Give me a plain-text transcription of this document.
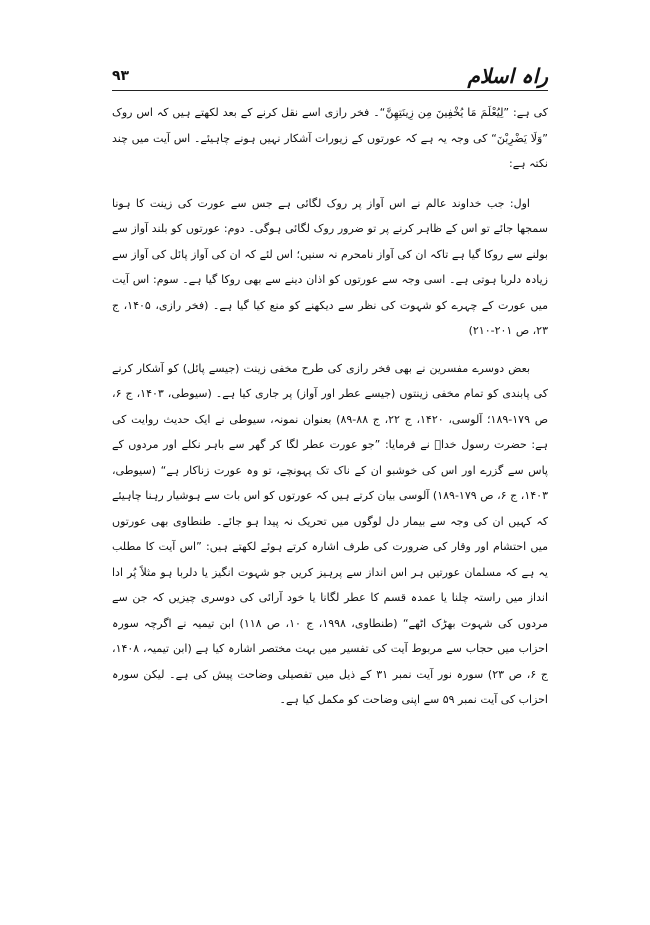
راہ اسلام
۹۳

کی ہے: ”لِيُعْلَمَ مَا يُخْفِينَ مِن زِينَتِهِنَّ“۔ فخر رازی اسے نقل کرنے کے بعد لکھتے ہیں کہ اس روک ”وَلَا يَضْرِبْنَ“ کی وجہ یہ ہے کہ عورتوں کے زیورات آشکار نہیں ہونے چاہیئے۔ اس آیت میں چند نکتہ ہے:

اول: جب خداوند عالم نے اس آواز پر روک لگائی ہے جس سے عورت کی زینت کا ہونا سمجھا جائے تو اس کے ظاہر کرنے پر تو ضرور روک لگائی ہوگی۔ دوم: عورتوں کو بلند آواز سے بولنے سے روکا گیا ہے تاکہ ان کی آواز نامحرم نہ سنیں؛ اس لئے کہ ان کی آواز پائل کی آواز سے زیادہ دلربا ہوتی ہے۔ اسی وجہ سے عورتوں کو اذان دینے سے بھی روکا گیا ہے۔ سوم: اس آیت میں عورت کے چہرے کو شہوت کی نظر سے دیکھنے کو منع کیا گیا ہے۔ (فخر رازی، ۱۴۰۵، ج ۲۳، ص ۲۰۱-۲۱۰)

بعض دوسرے مفسرین نے بھی فخر رازی کی طرح مخفی زینت (جیسے پائل) کو آشکار کرنے کی پابندی کو تمام مخفی زینتوں (جیسے عطر اور آواز) پر جاری کیا ہے۔ (سیوطی، ۱۴۰۳، ج ۶، ص ۱۷۹-۱۸۹؛ آلوسی، ۱۴۲۰، ج ۲۲، ج ۸۸-۸۹) بعنوان نمونہ، سیوطی نے ایک حدیث روایت کی ہے: حضرت رسول خداؐ نے فرمایا: ”جو عورت عطر لگا کر گھر سے باہر نکلے اور مردوں کے پاس سے گزرے اور اس کی خوشبو ان کے ناک تک پہونچے، تو وہ عورت زناکار ہے“ (سیوطی، ۱۴۰۳، ج ۶، ص ۱۷۹-۱۸۹) آلوسی بیان کرتے ہیں کہ عورتوں کو اس بات سے ہوشیار رہنا چاہیئے کہ کہیں ان کی وجہ سے بیمار دل لوگوں میں تحریک نہ پیدا ہو جائے۔ طنطاوی بھی عورتوں میں احتشام اور وقار کی ضرورت کی طرف اشارہ کرتے ہوئے لکھتے ہیں: ”اس آیت کا مطلب یہ ہے کہ مسلمان عورتیں ہر اس انداز سے پرہیز کریں جو شہوت انگیز یا دلربا ہو مثلاً پُر ادا انداز میں راستہ چلنا یا عمدہ قسم کا عطر لگانا یا خود آرائی کی دوسری چیزیں کہ جن سے مردوں کی شہوت بھڑک اٹھے“ (طنطاوی، ۱۹۹۸، ج ۱۰، ص ۱۱۸) ابن تیمیہ نے اگرچہ سورہ احزاب میں حجاب سے مربوط آیت کی تفسیر میں بہت مختصر اشارہ کیا ہے (ابن تیمیہ، ۱۴۰۸، ج ۶، ص ۲۳) سورہ نور آیت نمبر ۳۱ کے ذیل میں تفصیلی وضاحت پیش کی ہے۔ لیکن سورہ احزاب کی آیت نمبر ۵۹ سے اپنی وضاحت کو مکمل کیا ہے۔
